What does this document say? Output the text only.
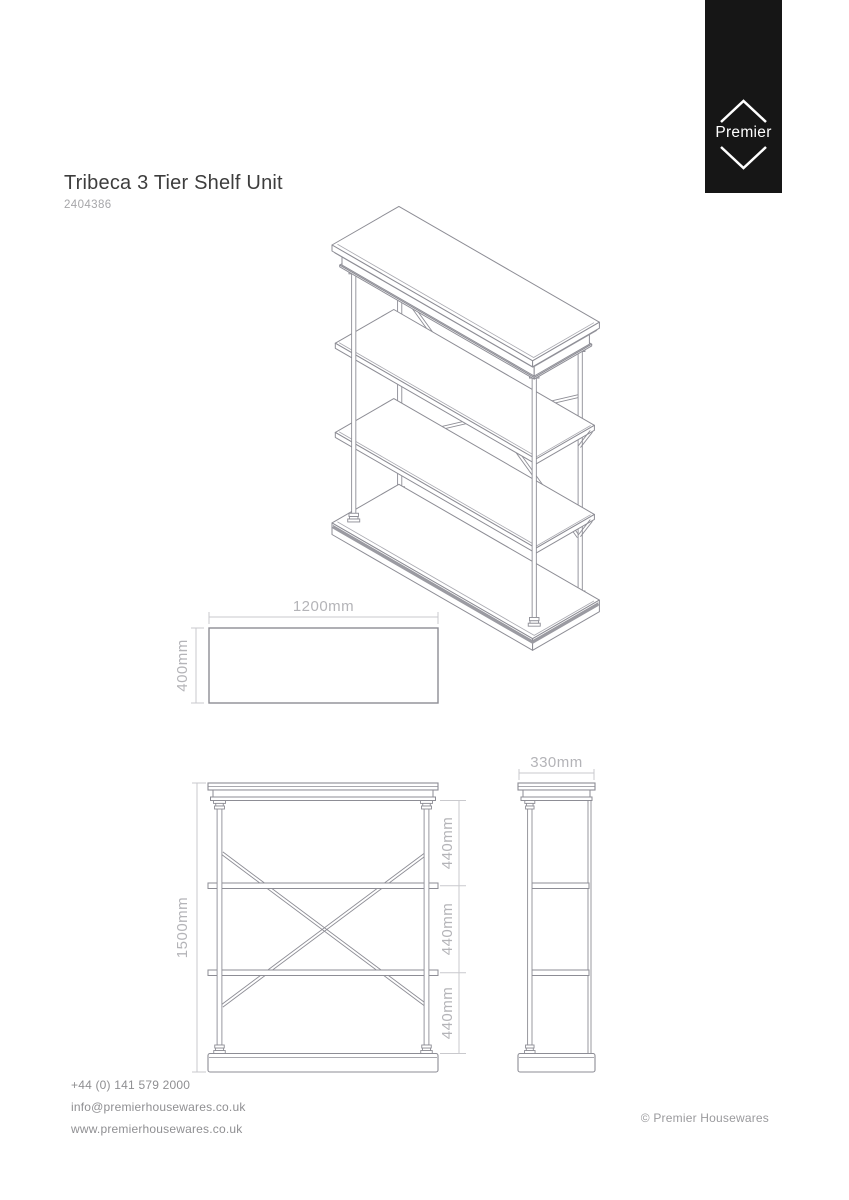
Premier
Tribeca 3 Tier Shelf Unit
2404386
1200mm
400mm
1500mm
440mm
440mm
440mm
330mm
+44 (0) 141 579 2000
info@premierhousewares.co.uk
www.premierhousewares.co.uk
© Premier Housewares
